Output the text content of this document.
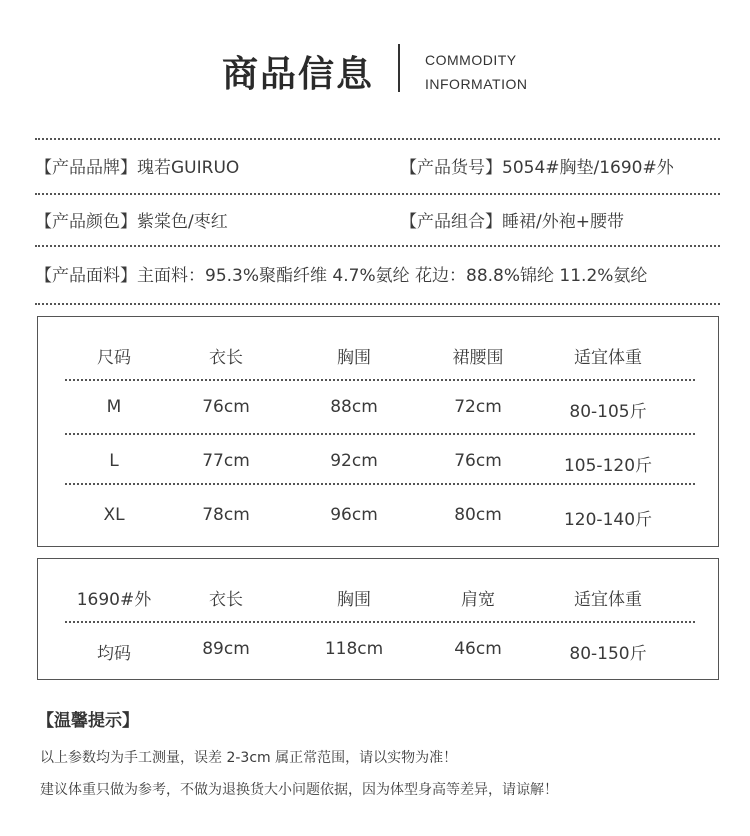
商品信息	COMMODITY
INFORMATION
【产品品牌】瑰若GUIRUO	【产品货号】5054#胸垫/1690#外
【产品颜色】紫棠色/枣红	【产品组合】睡裙/外袍+腰带
【产品面料】主面料：95.3%聚酯纤维 4.7%氨纶 花边：88.8%锦纶 11.2%氨纶
尺码	衣长	胸围	裙腰围	适宜体重
M	76cm	88cm	72cm	80-105斤
L	77cm	92cm	76cm	105-120斤
XL	78cm	96cm	80cm	120-140斤
1690#外	衣长	胸围	肩宽	适宜体重
均码	89cm	118cm	46cm	80-150斤
【温馨提示】
以上参数均为手工测量，误差 2-3cm 属正常范围，请以实物为准！
建议体重只做为参考，不做为退换货大小问题依据，因为体型身高等差异，请谅解！
